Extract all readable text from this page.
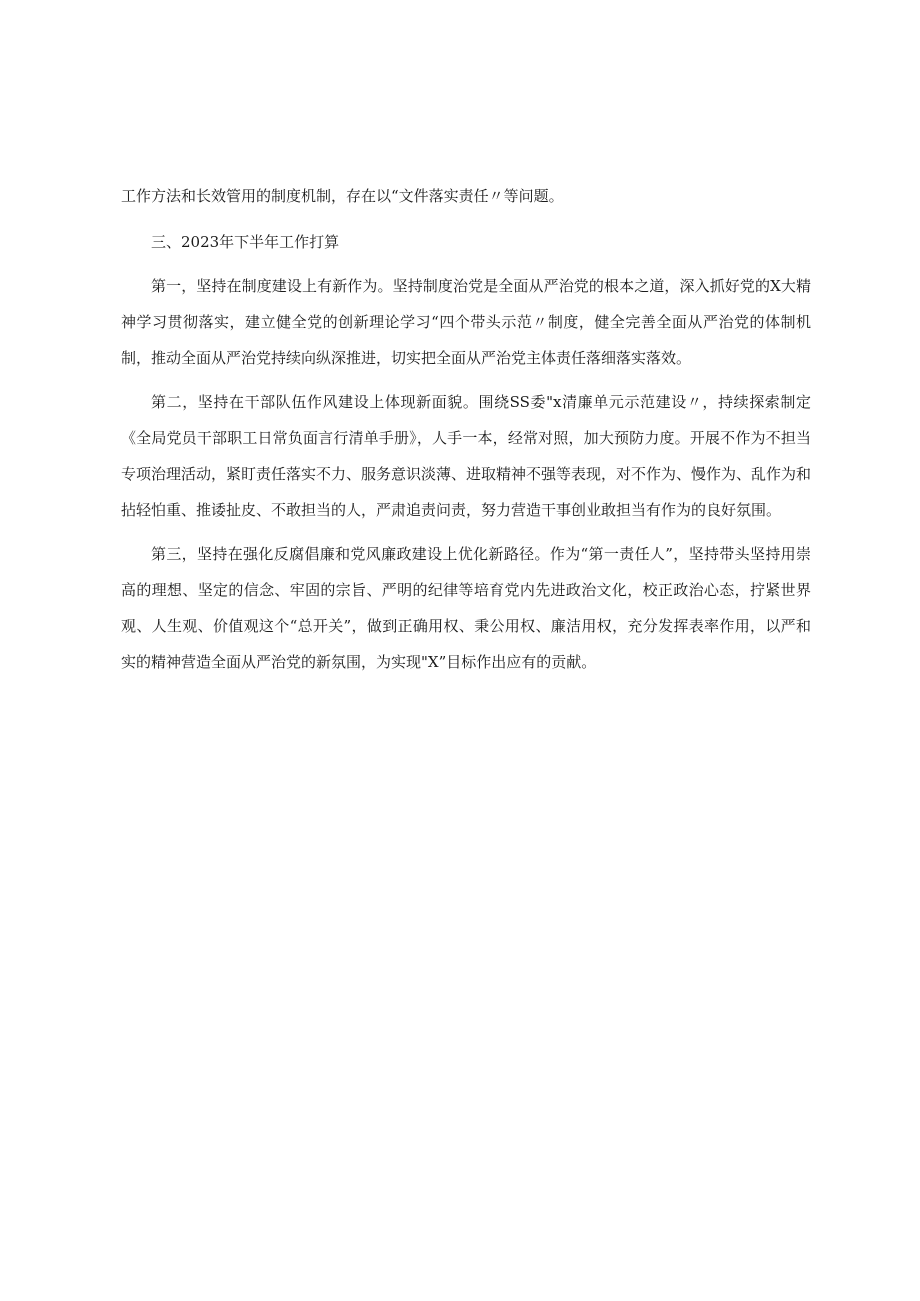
工作方法和长效管用的制度机制，存在以“文件落实责任〃等问题。

三、2023年下半年工作打算

第一，坚持在制度建设上有新作为。坚持制度治党是全面从严治党的根本之道，深入抓好党的X大精神学习贯彻落实，建立健全党的创新理论学习“四个带头示范〃制度，健全完善全面从严治党的体制机制，推动全面从严治党持续向纵深推进，切实把全面从严治党主体责任落细落实落效。

第二，坚持在干部队伍作风建设上体现新面貌。围绕SS委"x清廉单元示范建设〃，持续探索制定《全局党员干部职工日常负面言行清单手册》，人手一本，经常对照，加大预防力度。开展不作为不担当专项治理活动，紧盯责任落实不力、服务意识淡薄、进取精神不强等表现，对不作为、慢作为、乱作为和拈轻怕重、推诿扯皮、不敢担当的人，严肃追责问责，努力营造干事创业敢担当有作为的良好氛围。

第三，坚持在强化反腐倡廉和党风廉政建设上优化新路径。作为“第一责任人”，坚持带头坚持用崇高的理想、坚定的信念、牢固的宗旨、严明的纪律等培育党内先进政治文化，校正政治心态，拧紧世界观、人生观、价值观这个“总开关”，做到正确用权、秉公用权、廉洁用权，充分发挥表率作用，以严和实的精神营造全面从严治党的新氛围，为实现"X”目标作出应有的贡献。
